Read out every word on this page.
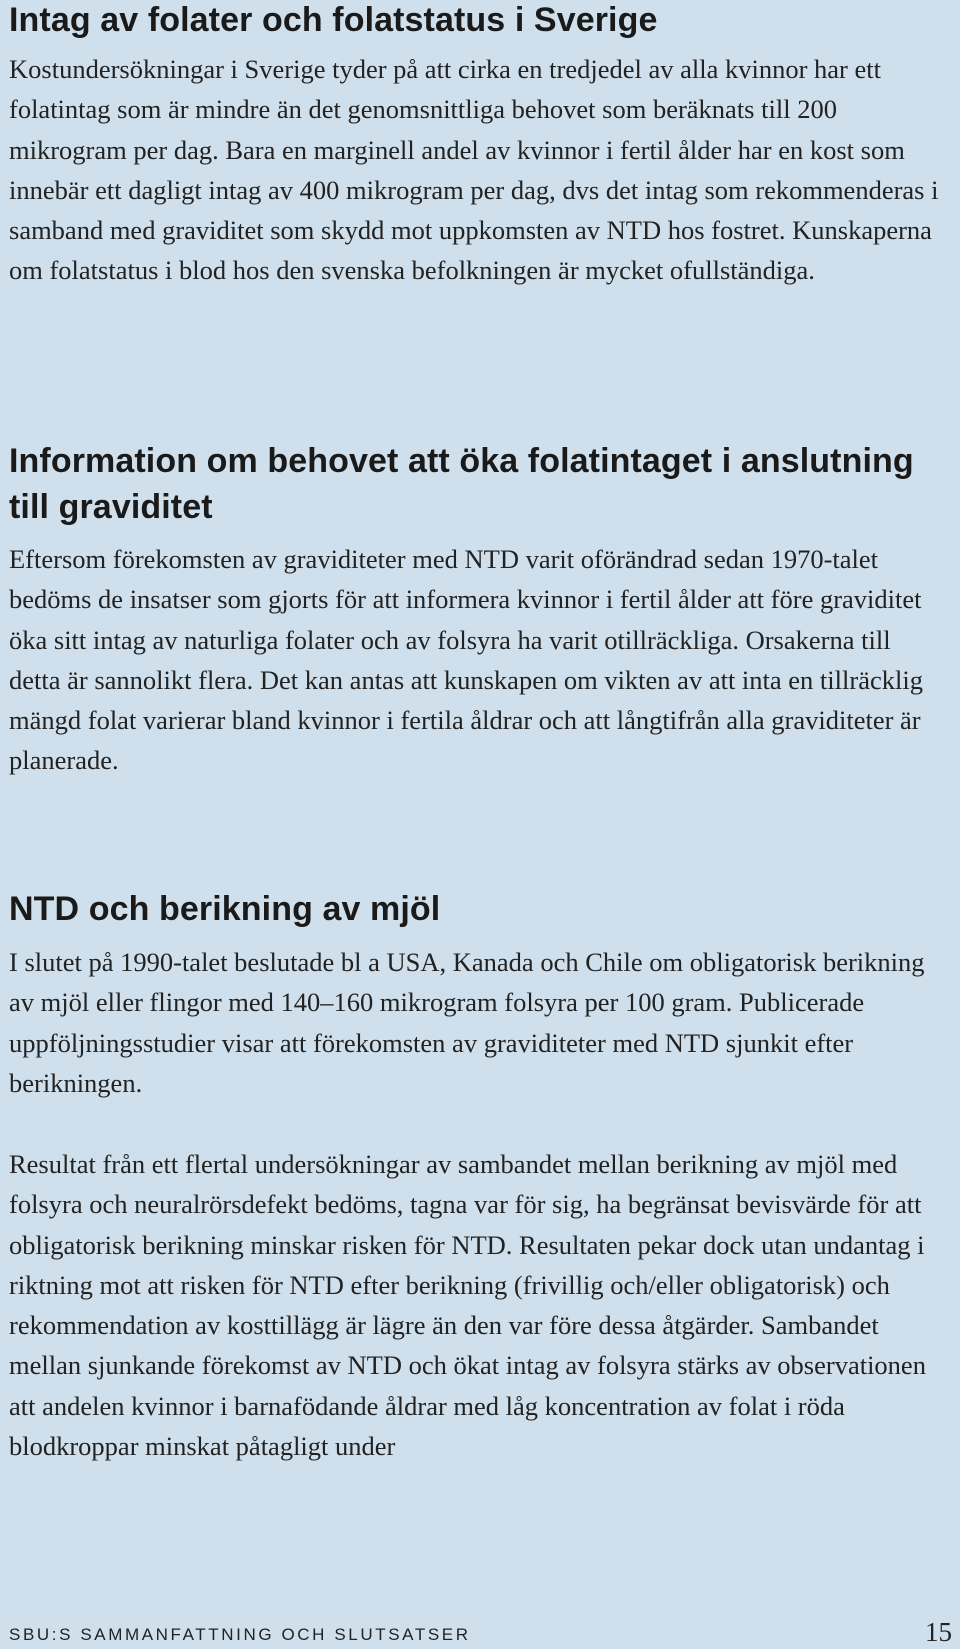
Intag av folater och folatstatus i Sverige

Kostundersökningar i Sverige tyder på att cirka en tredjedel av alla kvinnor har ett folatintag som är mindre än det genomsnittliga behovet som beräknats till 200 mikrogram per dag. Bara en marginell andel av kvinnor i fertil ålder har en kost som innebär ett dagligt intag av 400 mikrogram per dag, dvs det intag som rekommenderas i samband med graviditet som skydd mot uppkomsten av NTD hos fostret. Kunskaperna om folatstatus i blod hos den svenska befolkningen är mycket ofullständiga.

Information om behovet att öka folatintaget i anslutning till graviditet

Eftersom förekomsten av graviditeter med NTD varit oförändrad sedan 1970-talet bedöms de insatser som gjorts för att informera kvinnor i fertil ålder att före graviditet öka sitt intag av naturliga folater och av folsyra ha varit otillräckliga. Orsakerna till detta är sannolikt flera. Det kan antas att kunskapen om vikten av att inta en tillräcklig mängd folat varierar bland kvinnor i fertila åldrar och att långtifrån alla graviditeter är planerade.

NTD och berikning av mjöl

I slutet på 1990-talet beslutade bl a USA, Kanada och Chile om obligatorisk berikning av mjöl eller flingor med 140–160 mikrogram folsyra per 100 gram. Publicerade uppföljningsstudier visar att förekomsten av graviditeter med NTD sjunkit efter berikningen.

Resultat från ett flertal undersökningar av sambandet mellan berikning av mjöl med folsyra och neuralrörsdefekt bedöms, tagna var för sig, ha begränsat bevisvärde för att obligatorisk berikning minskar risken för NTD. Resultaten pekar dock utan undantag i riktning mot att risken för NTD efter berikning (frivillig och/eller obligatorisk) och rekommendation av kosttillägg är lägre än den var före dessa åtgärder. Sambandet mellan sjunkande förekomst av NTD och ökat intag av folsyra stärks av observationen att andelen kvinnor i barnafödande åldrar med låg koncentration av folat i röda blodkroppar minskat påtagligt under

SBU:S SAMMANFATTNING OCH SLUTSATSER	15
